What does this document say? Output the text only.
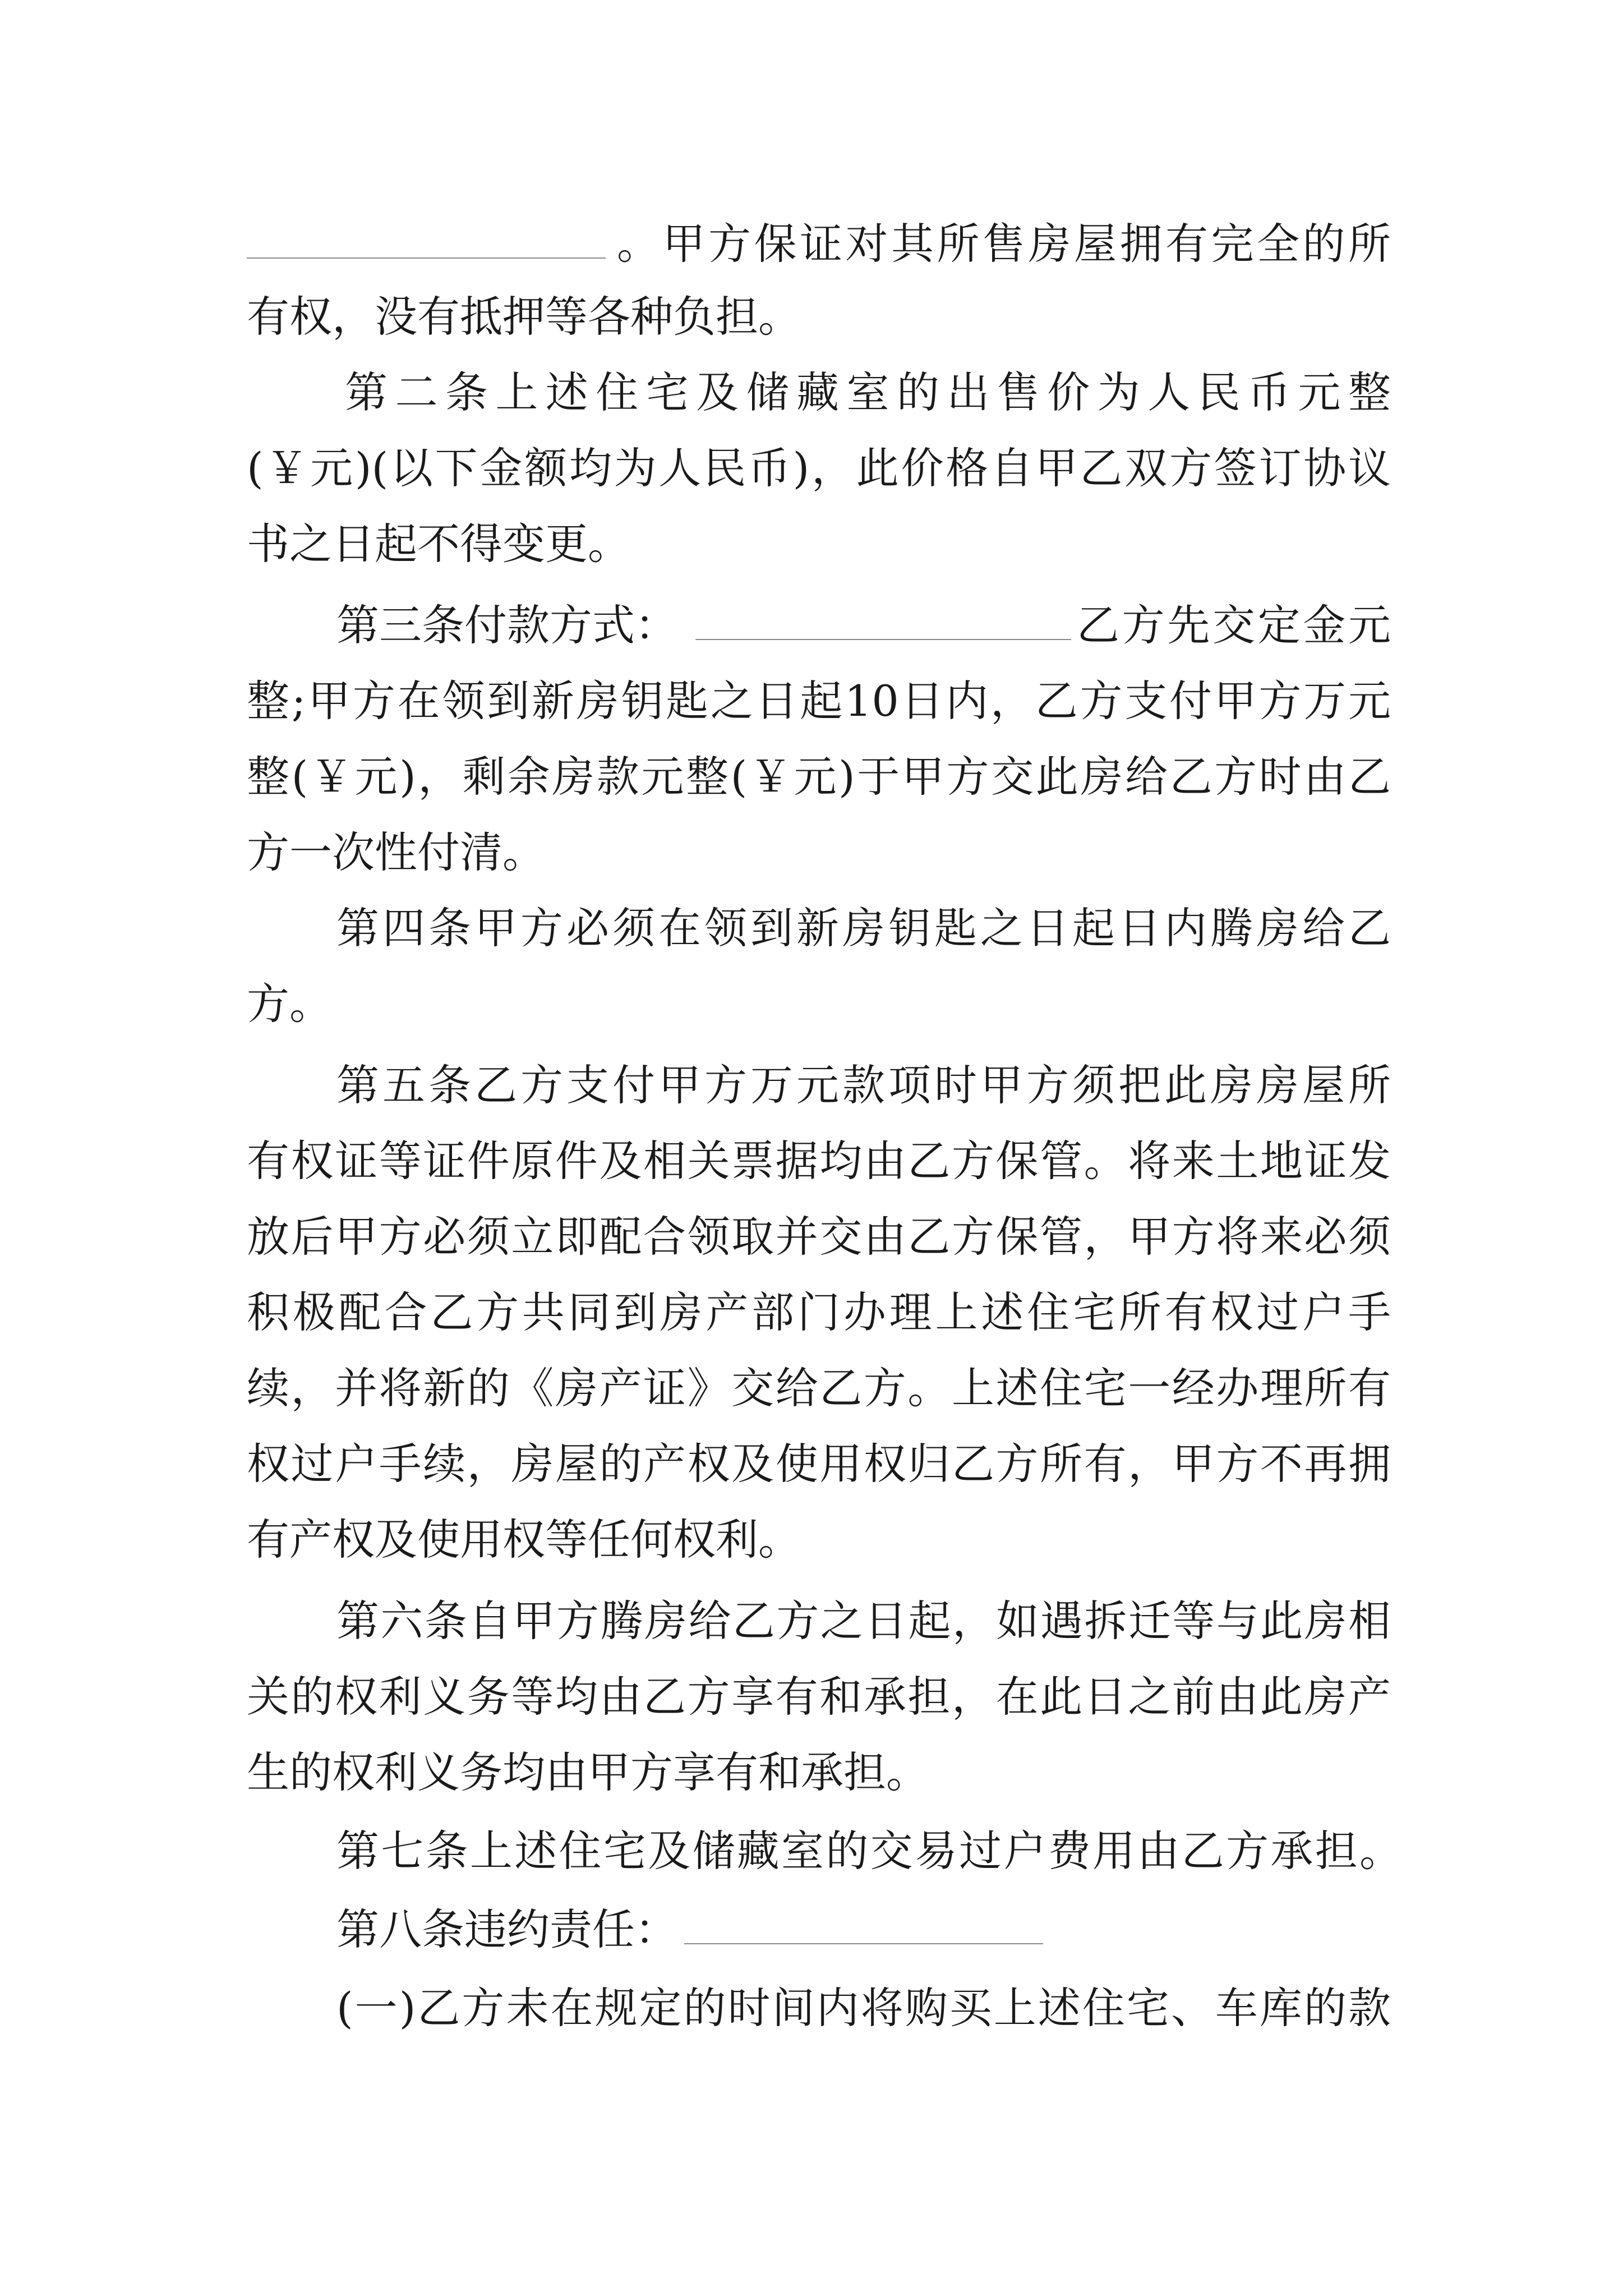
。甲方保证对其所售房屋拥有完全的所
有权，没有抵押等各种负担。
第二条上述住宅及储藏室的出售价为人民币元整
(￥元)(以下金额均为人民币)，此价格自甲乙双方签订协议
书之日起不得变更。
第三条付款方式：	乙方先交定金元
整;甲方在领到新房钥匙之日起10日内，乙方支付甲方万元
整(￥元)，剩余房款元整(￥元)于甲方交此房给乙方时由乙
方一次性付清。
第四条甲方必须在领到新房钥匙之日起日内腾房给乙
方。
第五条乙方支付甲方万元款项时甲方须把此房房屋所
有权证等证件原件及相关票据均由乙方保管。将来土地证发
放后甲方必须立即配合领取并交由乙方保管，甲方将来必须
积极配合乙方共同到房产部门办理上述住宅所有权过户手
续，并将新的《房产证》交给乙方。上述住宅一经办理所有
权过户手续，房屋的产权及使用权归乙方所有，甲方不再拥
有产权及使用权等任何权利。
第六条自甲方腾房给乙方之日起，如遇拆迁等与此房相
关的权利义务等均由乙方享有和承担，在此日之前由此房产
生的权利义务均由甲方享有和承担。
第七条上述住宅及储藏室的交易过户费用由乙方承担。
第八条违约责任：
(一)乙方未在规定的时间内将购买上述住宅、车库的款
